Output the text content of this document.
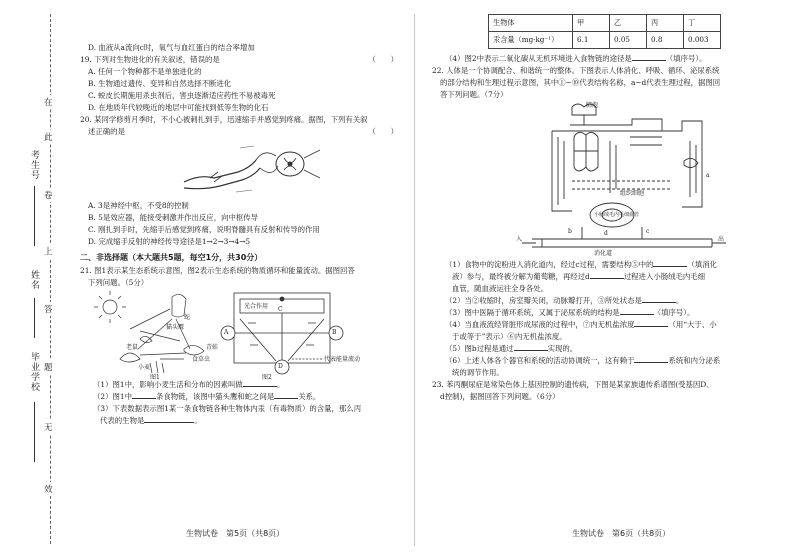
考生号
姓名
毕业学校
在
此
卷
上
答
题
无
效

D. 血液从a流向c时，氧气与血红蛋白的结合率增加

19. 下列对生物进化的有关叙述，错误的是	（　　）

A. 任何一个物种都不是单独进化的

B. 生物通过遗传、变异和自然选择不断进化

C. 蜕皮长期施用杀虫剂后，害虫逐渐适应药性不易被毒死

D. 在地质年代较晚近的地层中可能找到低等生物的化石

20. 某同学修剪月季时，不小心被刺扎到手，迅速缩手并感觉到疼痛。据图，下列有关叙

述正确的是	（　　）

A. 3是神经中枢，不受8的控制

B. 5是效应器，能接受刺激并作出反应，向中枢传导

C. 刚扎到手时，先缩手后感觉到疼痛，说明脊髓具有反射和传导的作用

D. 完成缩手反射的神经传导途径是1→2→3→4→5

二、非选择题（本大题共5题，每空1分，共30分）

21. 图1表示某生态系统示意图，图2表示生态系统的物质循环和能量流动。据图回答

下列问题。（5分）

猫头鹰
蛇
老鼠
食草虫
小麦
青蛙
图1
A	B
C
D
图2
光合作用
代表能量流动

（1）图1中，影响小麦生活和分布的因素叫做	。

（2）图1中	条食物链，该图中猫头鹰和蛇之间是	关系。

（3）下表数据表示图1某一条食物链各种生物体内汞（有毒物质）的含量，那么丙

代表的生物是	。

生物试卷　第5页（共8页）
生物体	甲	乙	丙	丁
汞含量（mg·kg⁻¹）	6.1	0.05	0.8	0.003

（4）图2中表示二氧化碳从无机环境进入食物链的途径是	（填序号）。

22. 人体是一个协调配合、和谐统一的整体。下图表示人体消化、呼吸、循环、泌尿系统

的部分结构和生理过程示意图，其中①~⑩代表结构名称，a~d代表生理过程，据图回

答下列问题。（7分）

肺泡
组织细胞
消化道
入	出
b	c
d
a
小肠绒毛内毛细血管

（1）食物中的淀粉进入消化道内，经过c过程，需要结构⑤中的	（填消化

液）参与，最终被分解为葡萄糖，再经过d	过程进入小肠绒毛内毛细

血管，随血液运往全身各处。

（2）当②收缩时，房室瓣关闭，动脉瓣打开，③所处状态是	。

（3）图中医隔于循环系统，又属于泌尿系统的结构是	（填序号）。

（4）当血液流经肾脏形成尿液的过程中，⑦内无机盐浓度	（用“大于、小

于或等于”表示）⑥内无机盐浓度。

（5）图b过程是通过	实现的。

（6）上述人体各个器官和系统的活动协调统一，这有赖于	系统和内分泌系

统的调节作用。

23. 苯丙酮尿症是常染色体上基因控制的遗传病，下图是某家族遗传系谱图(受基因D、

d控制)，据图回答下列问题。（6分）

生物试卷　第6页（共8页）
